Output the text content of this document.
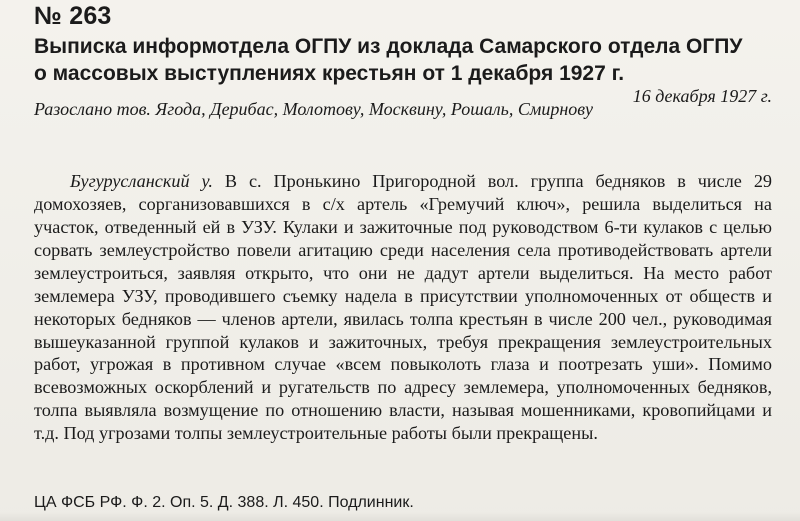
№ 263
Выписка информотдела ОГПУ из доклада Самарского отдела ОГПУ о массовых выступлениях крестьян от 1 декабря 1927 г.
16 декабря 1927 г.
Разослано тов. Ягода, Дерибас, Молотову, Москвину, Рошаль, Смирнову

Бугурусланский у. В с. Пронькино Пригородной вол. группа бедняков в числе 29 домохозяев, сорганизовавшихся в с/х артель «Гремучий ключ», решила выделиться на участок, отведенный ей в УЗУ. Кулаки и зажиточные под руководством 6-ти кулаков с целью сорвать землеустройство повели агитацию среди населения села противодействовать артели землеустроиться, заявляя открыто, что они не дадут артели выделиться. На место работ землемера УЗУ, проводившего съемку надела в присутствии уполномоченных от обществ и некоторых бедняков — членов артели, явилась толпа крестьян в числе 200 чел., руководимая вышеуказанной группой кулаков и зажиточных, требуя прекращения землеустроительных работ, угрожая в противном случае «всем повыколоть глаза и поотрезать уши». Помимо всевозможных оскорблений и ругательств по адресу землемера, уполномоченных бедняков, толпа выявляла возмущение по отношению власти, называя мошенниками, кровопийцами и т.д. Под угрозами толпы землеустроительные работы были прекращены.

ЦА ФСБ РФ. Ф. 2. Оп. 5. Д. 388. Л. 450. Подлинник.
